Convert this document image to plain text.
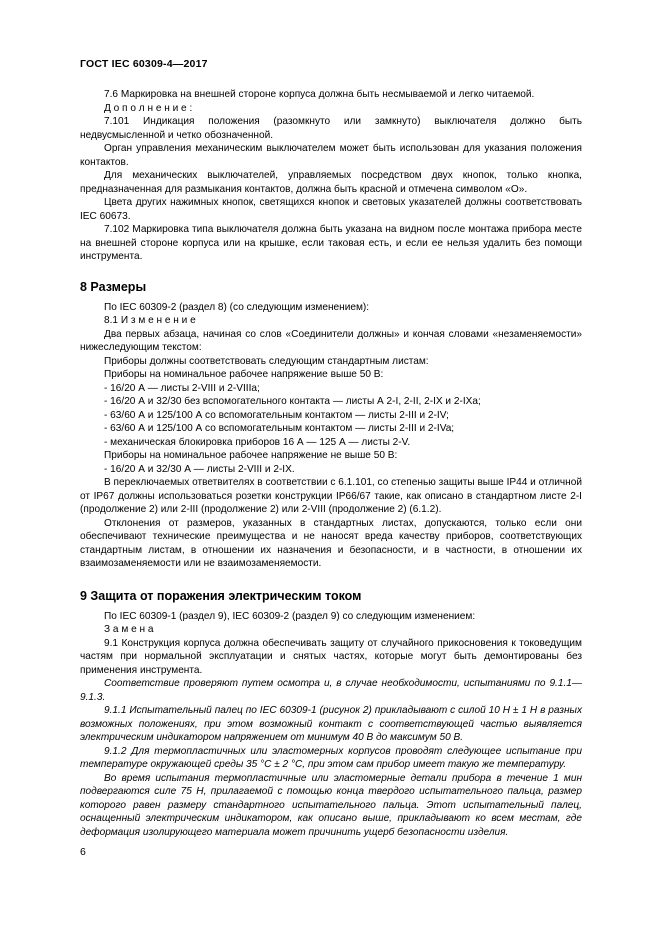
ГОСТ IEC 60309-4—2017

7.6 Маркировка на внешней стороне корпуса должна быть несмываемой и легко читаемой.

Д о п о л н е н и е :

7.101 Индикация положения (разомкнуто или замкнуто) выключателя должно быть недвусмысленной и четко обозначенной.

Орган управления механическим выключателем может быть использован для указания положения контактов.

Для механических выключателей, управляемых посредством двух кнопок, только кнопка, предназначенная для размыкания контактов, должна быть красной и отмечена символом «О».

Цвета других нажимных кнопок, светящихся кнопок и световых указателей должны соответствовать IEC 60673.

7.102 Маркировка типа выключателя должна быть указана на видном после монтажа прибора месте на внешней стороне корпуса или на крышке, если таковая есть, и если ее нельзя удалить без помощи инструмента.

8 Размеры

По IEC 60309-2 (раздел 8) (со следующим изменением):

8.1 И з м е н е н и е

Два первых абзаца, начиная со слов «Соединители должны» и кончая словами «незаменяемости» нижеследующим текстом:

Приборы должны соответствовать следующим стандартным листам:

Приборы на номинальное рабочее напряжение выше 50 В:

- 16/20 А — листы 2-VIII и 2-VIIIa;

- 16/20 А и 32/30 без вспомогательного контакта — листы А 2-I, 2-II, 2-IX и 2-IXa;

- 63/60 А и 125/100 А со вспомогательным контактом — листы 2-III и 2-IV;

- 63/60 А и 125/100 А со вспомогательным контактом — листы 2-III и 2-IVa;

- механическая блокировка приборов 16 А — 125 А — листы 2-V.

Приборы на номинальное рабочее напряжение не выше 50 В:

- 16/20 А и 32/30 А — листы 2-VIII и 2-IX.

В переключаемых ответвителях в соответствии с 6.1.101, со степенью защиты выше IP44 и отличной от IP67 должны использоваться розетки конструкции IP66/67 такие, как описано в стандартном листе 2-I (продолжение 2) или 2-III (продолжение 2) или 2-VIII (продолжение 2) (6.1.2).

Отклонения от размеров, указанных в стандартных листах, допускаются, только если они обеспечивают технические преимущества и не наносят вреда качеству приборов, соответствующих стандартным листам, в отношении их назначения и безопасности, и в частности, в отношении их взаимозаменяемости или не взаимозаменяемости.

9 Защита от поражения электрическим током

По IEC 60309-1 (раздел 9), IEC 60309-2 (раздел 9) со следующим изменением:

З а м е н а

9.1 Конструкция корпуса должна обеспечивать защиту от случайного прикосновения к токоведущим частям при нормальной эксплуатации и снятых частях, которые могут быть демонтированы без применения инструмента.

Соответствие проверяют путем осмотра и, в случае необходимости, испытаниями по 9.1.1—9.1.3.

9.1.1 Испытательный палец по IEC 60309-1 (рисунок 2) прикладывают с силой 10 Н ± 1 Н в разных возможных положениях, при этом возможный контакт с соответствующей частью выявляется электрическим индикатором напряжением от минимум 40 В до максимум 50 В.

9.1.2 Для термопластичных или эластомерных корпусов проводят следующее испытание при температуре окружающей среды 35 °С ± 2 °С, при этом сам прибор имеет такую же температуру.

Во время испытания термопластичные или эластомерные детали прибора в течение 1 мин подвергаются силе 75 Н, прилагаемой с помощью конца твердого испытательного пальца, размер которого равен размеру стандартного испытательного пальца. Этот испытательный палец, оснащенный электрическим индикатором, как описано выше, прикладывают ко всем местам, где деформация изолирующего материала может причинить ущерб безопасности изделия.

6
